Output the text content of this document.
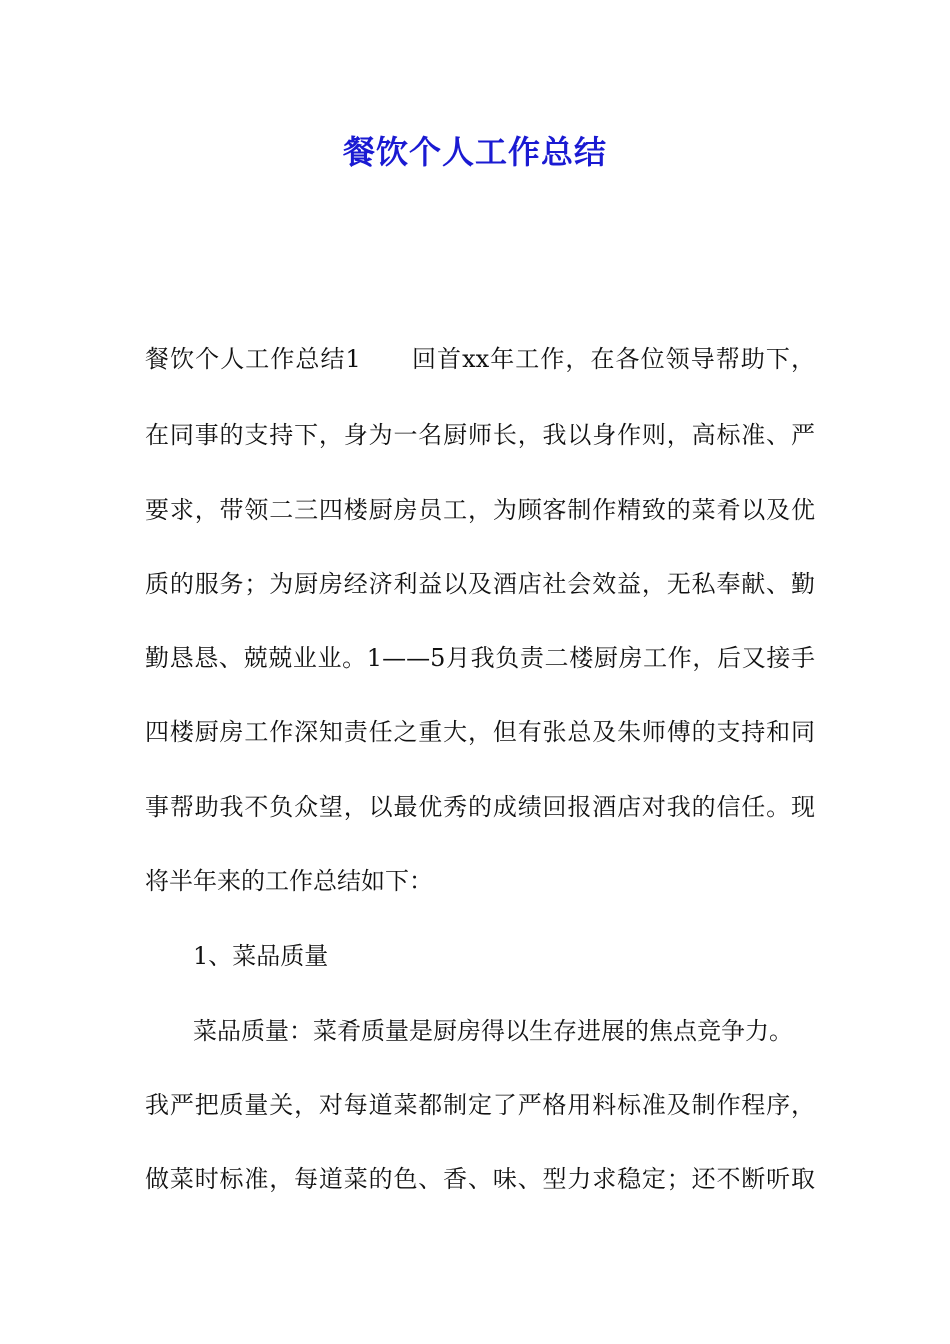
餐饮个人工作总结
餐饮个人工作总结1　　回首xx年工作，在各位领导帮助下，
在同事的支持下，身为一名厨师长，我以身作则，高标准、严
要求，带领二三四楼厨房员工，为顾客制作精致的菜肴以及优
质的服务；为厨房经济利益以及酒店社会效益，无私奉献、勤
勤恳恳、兢兢业业。1——5月我负责二楼厨房工作，后又接手
四楼厨房工作深知责任之重大，但有张总及朱师傅的支持和同
事帮助我不负众望，以最优秀的成绩回报酒店对我的信任。现
将半年来的工作总结如下：
1、菜品质量
菜品质量：菜肴质量是厨房得以生存进展的焦点竞争力。
我严把质量关，对每道菜都制定了严格用料标准及制作程序，
做菜时标准，每道菜的色、香、味、型力求稳定；还不断听取
